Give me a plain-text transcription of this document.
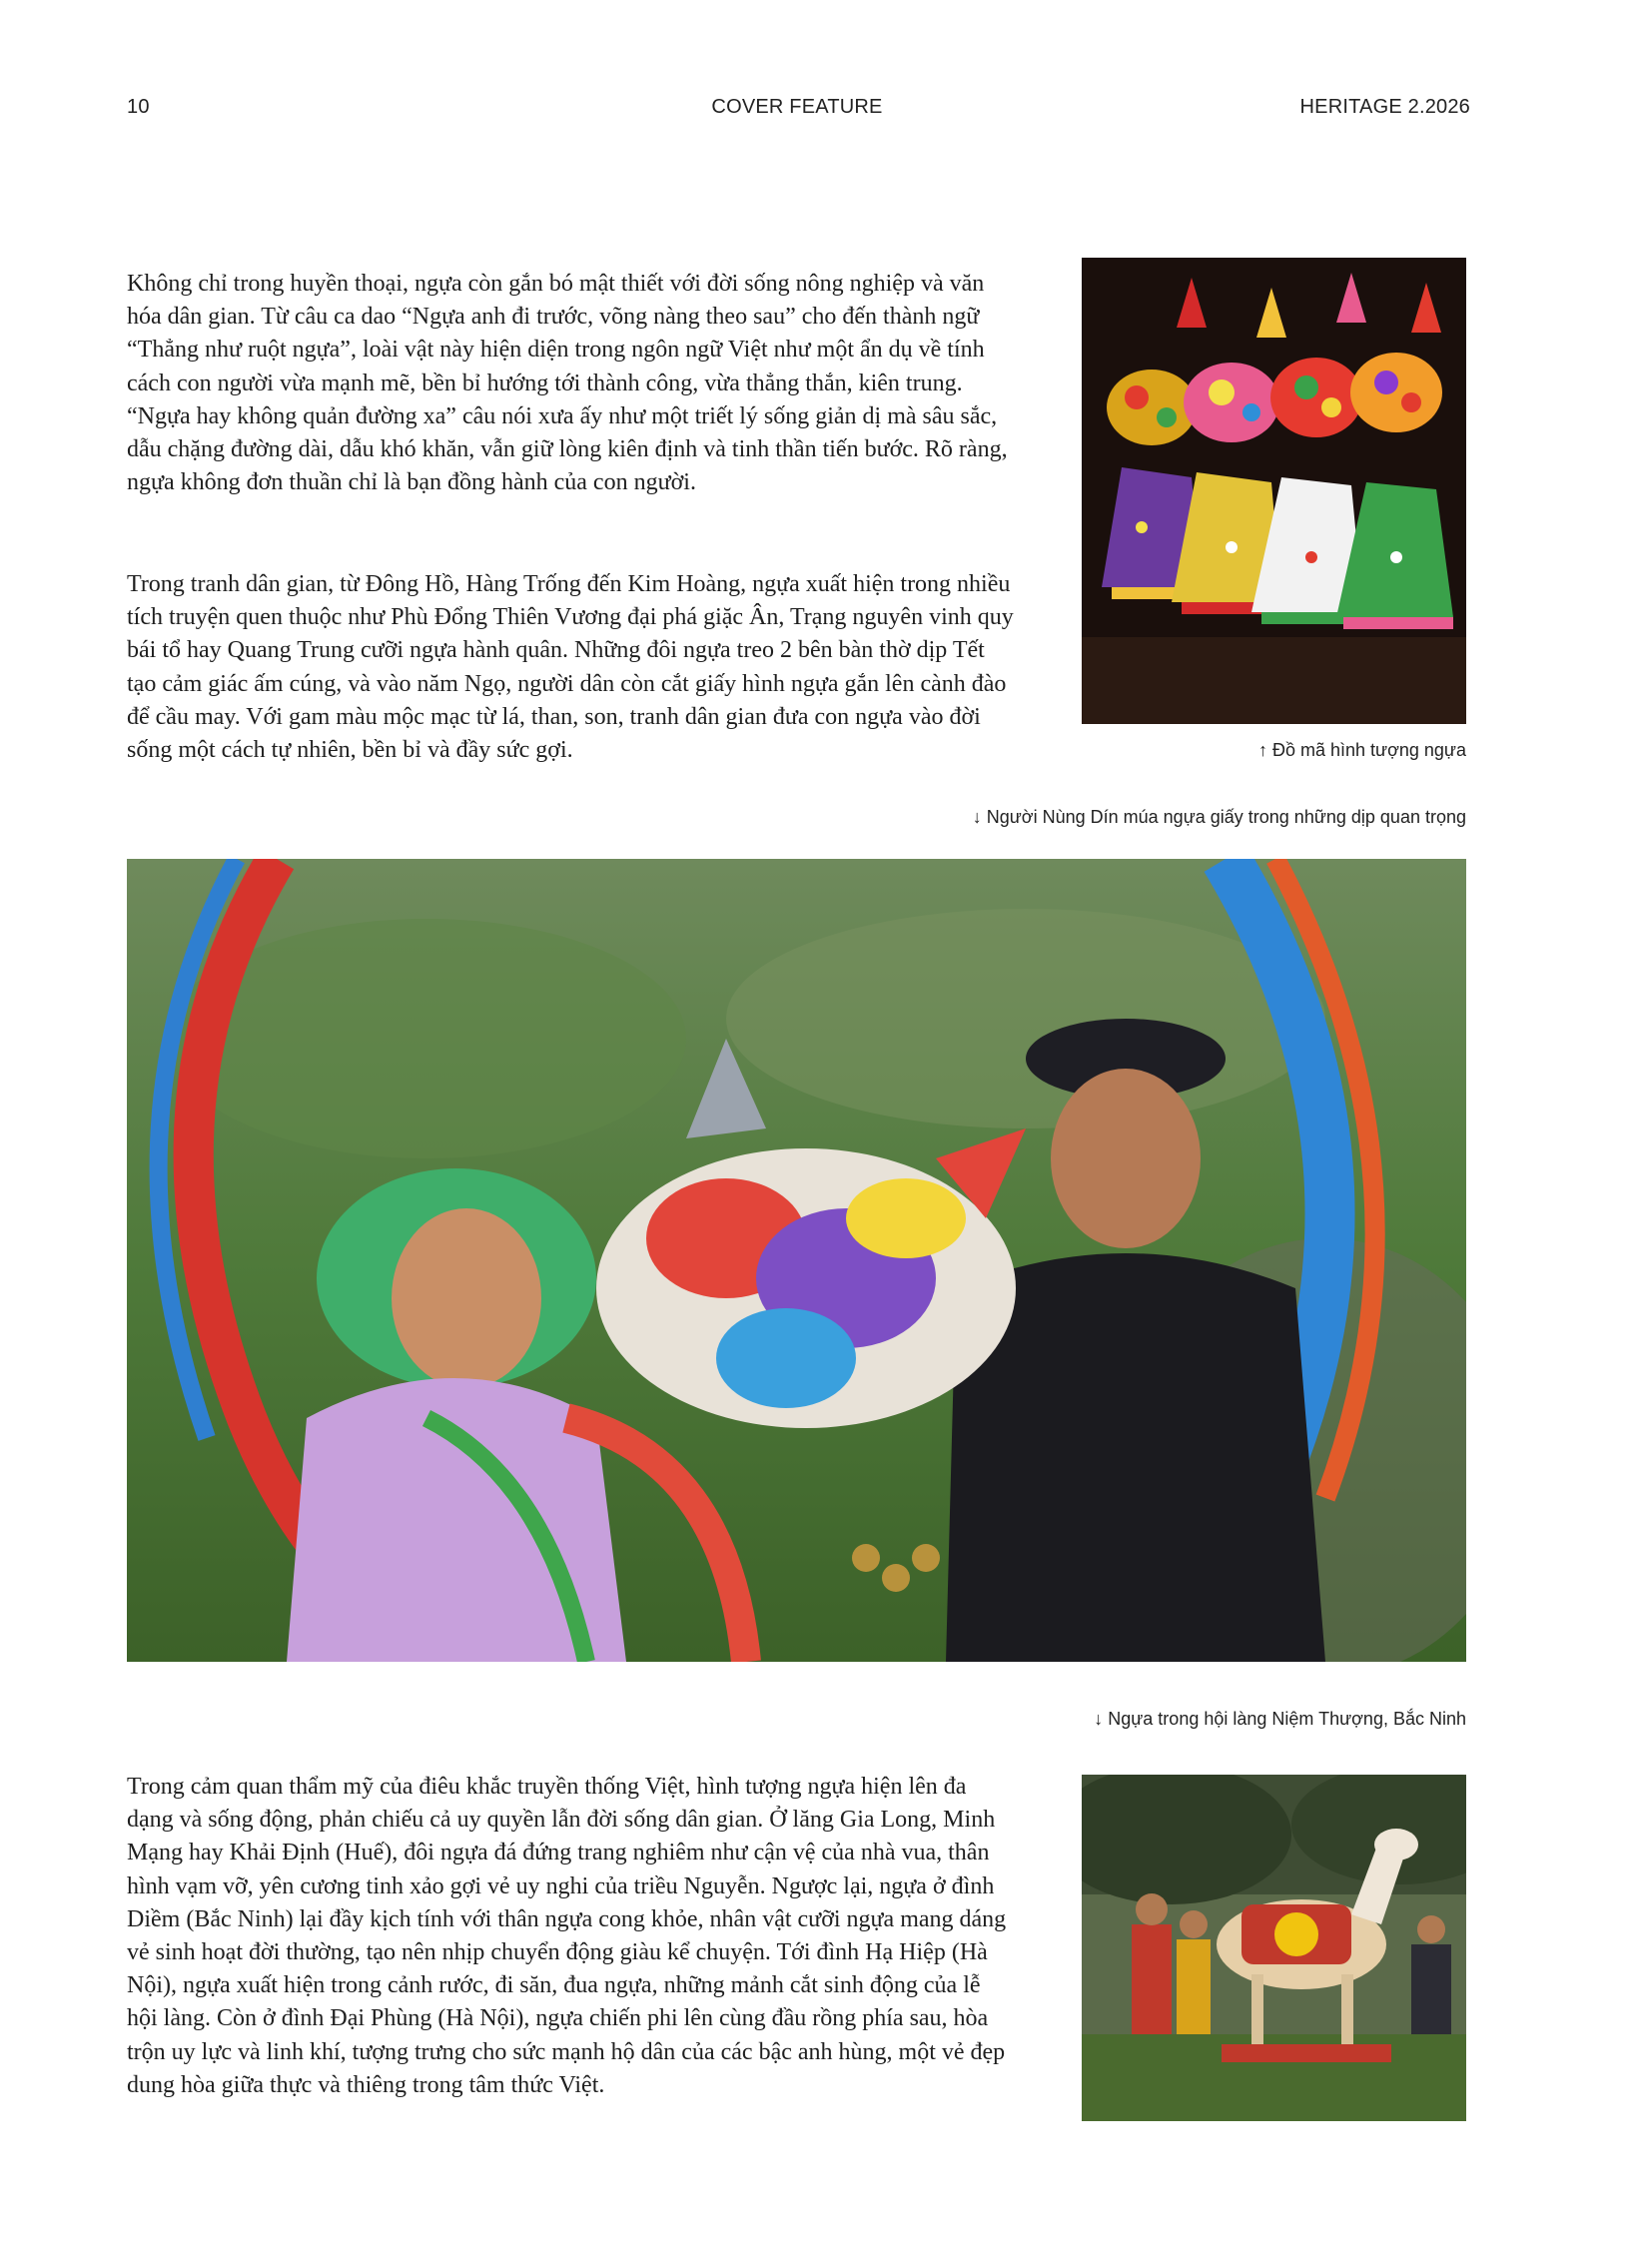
10	COVER FEATURE	HERITAGE 2.2026

Không chỉ trong huyền thoại, ngựa còn gắn bó mật thiết với đời sống nông nghiệp và văn hóa dân gian. Từ câu ca dao “Ngựa anh đi trước, võng nàng theo sau” cho đến thành ngữ “Thẳng như ruột ngựa”, loài vật này hiện diện trong ngôn ngữ Việt như một ẩn dụ về tính cách con người vừa mạnh mẽ, bền bỉ hướng tới thành công, vừa thẳng thắn, kiên trung. “Ngựa hay không quản đường xa” câu nói xưa ấy như một triết lý sống giản dị mà sâu sắc, dẫu chặng đường dài, dẫu khó khăn, vẫn giữ lòng kiên định và tinh thần tiến bước. Rõ ràng, ngựa không đơn thuần chỉ là bạn đồng hành của con người.

Trong tranh dân gian, từ Đông Hồ, Hàng Trống đến Kim Hoàng, ngựa xuất hiện trong nhiều tích truyện quen thuộc như Phù Đổng Thiên Vương đại phá giặc Ân, Trạng nguyên vinh quy bái tổ hay Quang Trung cưỡi ngựa hành quân. Những đôi ngựa treo 2 bên bàn thờ dịp Tết tạo cảm giác ấm cúng, và vào năm Ngọ, người dân còn cắt giấy hình ngựa gắn lên cành đào để cầu may. Với gam màu mộc mạc từ lá, than, son, tranh dân gian đưa con ngựa vào đời sống một cách tự nhiên, bền bỉ và đầy sức gợi.

Trong cảm quan thẩm mỹ của điêu khắc truyền thống Việt, hình tượng ngựa hiện lên đa dạng và sống động, phản chiếu cả uy quyền lẫn đời sống dân gian. Ở lăng Gia Long, Minh Mạng hay Khải Định (Huế), đôi ngựa đá đứng trang nghiêm như cận vệ của nhà vua, thân hình vạm vỡ, yên cương tinh xảo gợi vẻ uy nghi của triều Nguyễn. Ngược lại, ngựa ở đình Diềm (Bắc Ninh) lại đầy kịch tính với thân ngựa cong khỏe, nhân vật cưỡi ngựa mang dáng vẻ sinh hoạt đời thường, tạo nên nhịp chuyển động giàu kể chuyện. Tới đình Hạ Hiệp (Hà Nội), ngựa xuất hiện trong cảnh rước, đi săn, đua ngựa, những mảnh cắt sinh động của lễ hội làng. Còn ở đình Đại Phùng (Hà Nội), ngựa chiến phi lên cùng đầu rồng phía sau, hòa trộn uy lực và linh khí, tượng trưng cho sức mạnh hộ dân của các bậc anh hùng, một vẻ đẹp dung hòa giữa thực và thiêng trong tâm thức Việt.

↑ Đồ mã hình tượng ngựa
↓ Người Nùng Dín múa ngựa giấy trong những dịp quan trọng
↓ Ngựa trong hội làng Niệm Thượng, Bắc Ninh
